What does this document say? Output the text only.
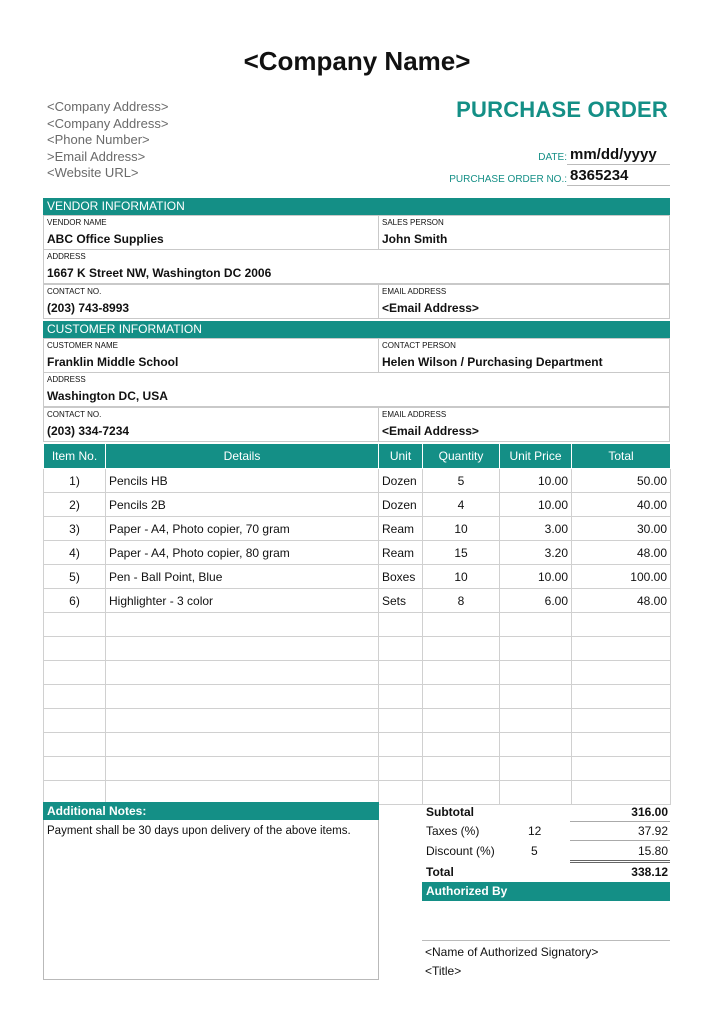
<Company Name>
<Company Address>
<Company Address>
<Phone Number>
>Email Address>
<Website URL>
PURCHASE ORDER
DATE: mm/dd/yyyy
PURCHASE ORDER NO.: 8365234
VENDOR INFORMATION
VENDOR NAME
ABC Office Supplies
SALES PERSON
John Smith
ADDRESS
1667 K Street NW, Washington DC 2006
CONTACT NO.
(203) 743-8993
EMAIL ADDRESS
<Email Address>
CUSTOMER INFORMATION
CUSTOMER NAME
Franklin Middle School
CONTACT PERSON
Helen Wilson / Purchasing Department
ADDRESS
Washington DC, USA
CONTACT NO.
(203) 334-7234
EMAIL ADDRESS
<Email Address>
Item No.	Details	Unit	Quantity	Unit Price	Total
1)	Pencils HB	Dozen	5	10.00	50.00
2)	Pencils 2B	Dozen	4	10.00	40.00
3)	Paper - A4, Photo copier, 70 gram	Ream	10	3.00	30.00
4)	Paper - A4, Photo copier, 80 gram	Ream	15	3.20	48.00
5)	Pen - Ball Point, Blue	Boxes	10	10.00	100.00
6)	Highlighter - 3 color	Sets	8	6.00	48.00

Additional Notes:
Payment shall be 30 days upon delivery of the above items.
Subtotal	316.00
Taxes (%)	12	37.92
Discount (%)	5	15.80
Total	338.12
Authorized By
<Name of Authorized Signatory>
<Title>
